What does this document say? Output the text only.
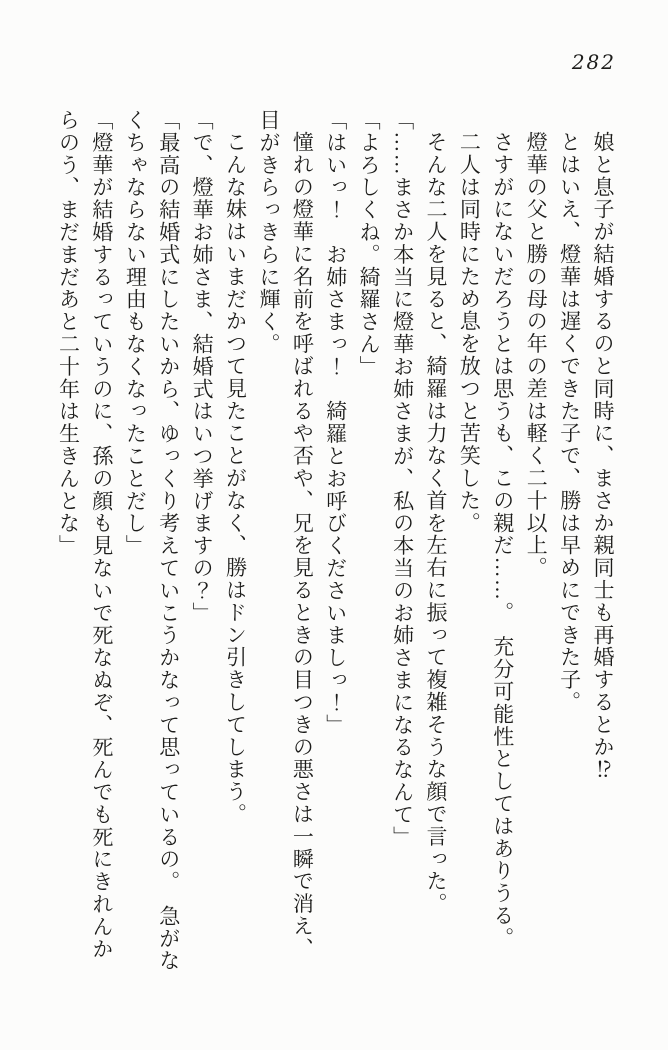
282

娘と息子が結婚するのと同時に、まさか親同士も再婚するとか⁉

とはいえ、燈華は遅くできた子で、勝は早めにできた子。

燈華の父と勝の母の年の差は軽く二十以上。

さすがにないだろうとは思うも、この親だ……。　充分可能性としてはありうる。

二人は同時にため息を放つと苦笑した。

そんな二人を見ると、綺羅は力なく首を左右に振って複雑そうな顔で言った。

「……まさか本当に燈華お姉さまが、私の本当のお姉さまになるなんて」

「よろしくね。綺羅さん」

「はいっ！　お姉さまっ！　綺羅とお呼びくださいましっ！」

憧れの燈華に名前を呼ばれるや否や、兄を見るときの目つきの悪さは一瞬で消え、

目がきらっきらに輝く。

こんな妹はいまだかつて見たことがなく、勝はドン引きしてしまう。

「で、燈華お姉さま、結婚式はいつ挙げますの？」

「最高の結婚式にしたいから、ゆっくり考えていこうかなって思っているの。　急がな

くちゃならない理由もなくなったことだし」

「燈華が結婚するっていうのに、孫の顔も見ないで死なぬぞ、死んでも死にきれんか

らのう、まだまだあと二十年は生きんとな」
